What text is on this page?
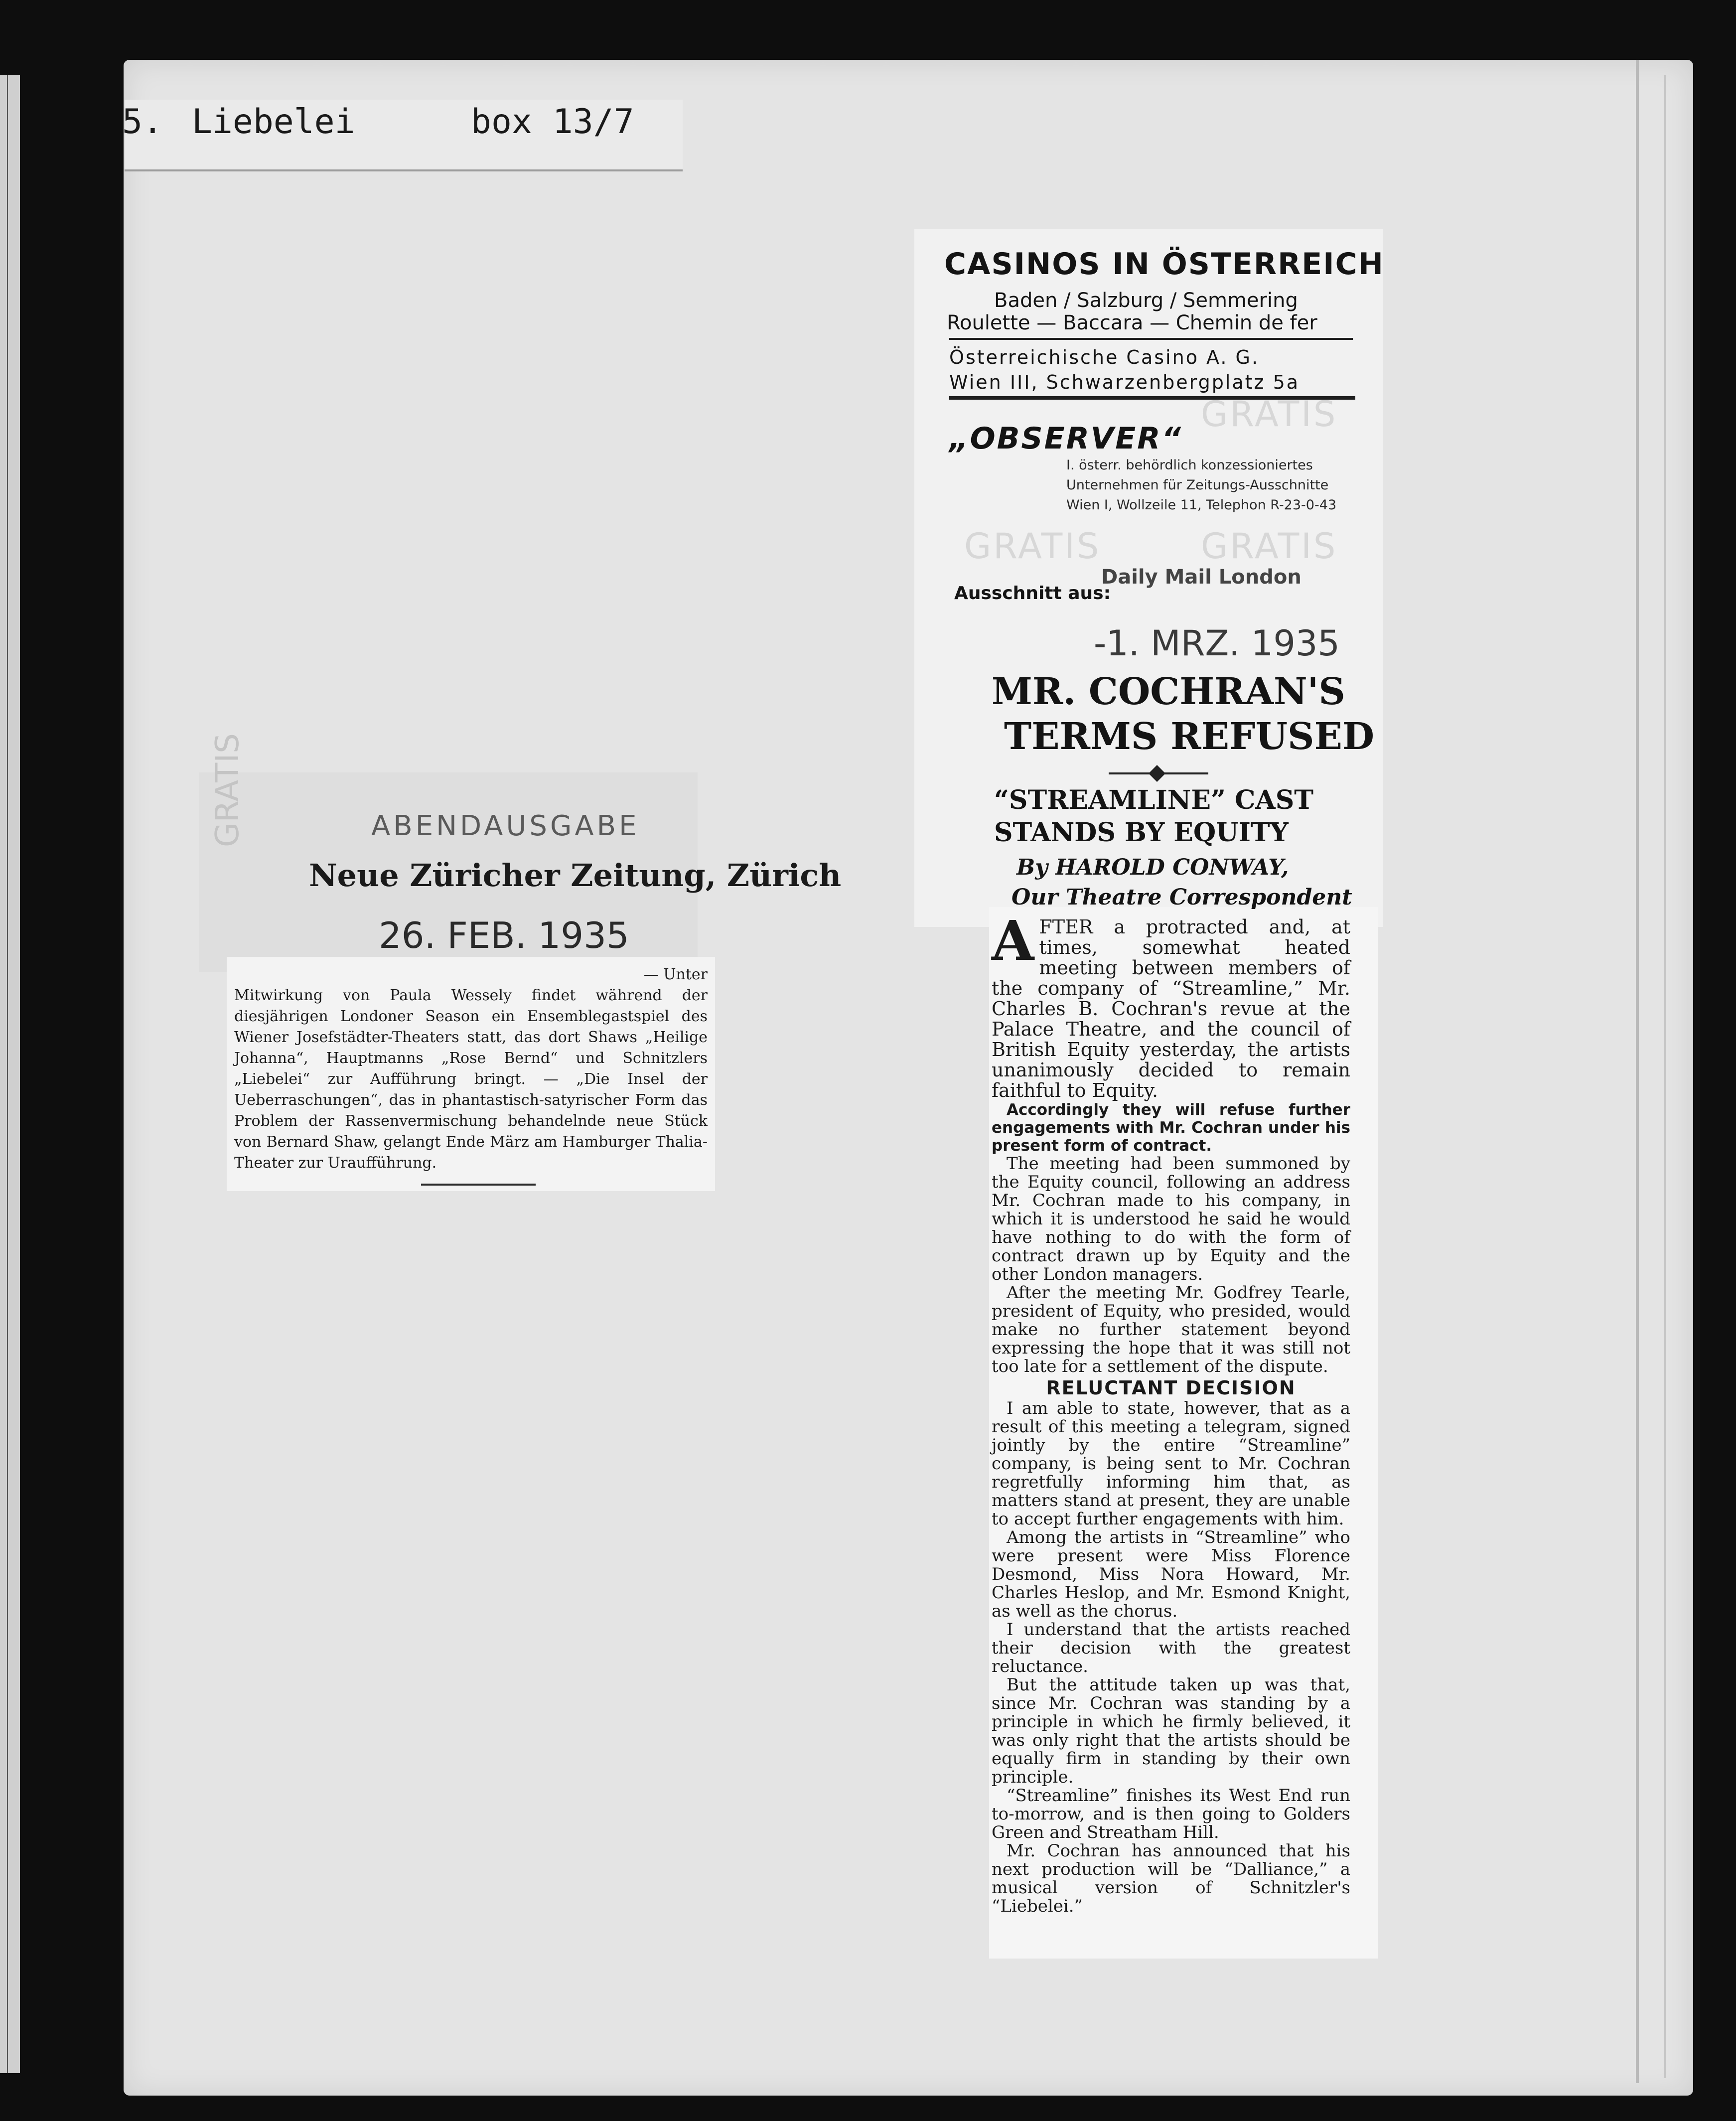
5. Liebelei	box 13/7
GRATIS	ABENDAUSGABE
Neue Züricher Zeitung, Zürich
26. FEB. 1935
— Unter
Mitwirkung von Paula Wessely findet während der diesjährigen Londoner Season ein Ensemblegastspiel des Wiener Josefstädter-Theaters statt, das dort Shaws „Heilige Johanna“, Hauptmanns „Rose Bernd“ und Schnitzlers „Liebelei“ zur Aufführung bringt. — „Die Insel der Ueberraschungen“, das in phantastisch-satyrischer Form das Problem der Rassenvermischung behandelnde neue Stück von Bernard Shaw, gelangt Ende März am Hamburger Thalia-Theater zur Uraufführung.
CASINOS IN ÖSTERREICH
Baden / Salzburg / Semmering
Roulette — Baccara — Chemin de fer
Österreichische Casino A. G.
Wien III, Schwarzenbergplatz 5a
GRATIS
„OBSERVER“
I. österr. behördlich konzessioniertes
Unternehmen für Zeitungs-Ausschnitte
Wien I, Wollzeile 11, Telephon R-23-0-43
GRATIS	GRATIS
Ausschnitt aus:
Daily Mail London
-1. MRZ. 1935
MR. COCHRAN'S
TERMS REFUSED
“STREAMLINE” CAST
STANDS BY EQUITY
By HAROLD CONWAY,
Our Theatre Correspondent

AFTER a protracted and, at times, somewhat heated meeting between members of the company of “Streamline,” Mr. Charles B. Cochran's revue at the Palace Theatre, and the council of British Equity yesterday, the artists unanimously decided to remain faithful to Equity.

Accordingly they will refuse further engagements with Mr. Cochran under his present form of contract.

The meeting had been summoned by the Equity council, following an address Mr. Cochran made to his company, in which it is understood he said he would have nothing to do with the form of contract drawn up by Equity and the other London managers.

After the meeting Mr. Godfrey Tearle, president of Equity, who presided, would make no further statement beyond expressing the hope that it was still not too late for a settlement of the dispute.

RELUCTANT DECISION

I am able to state, however, that as a result of this meeting a telegram, signed jointly by the entire “Streamline” company, is being sent to Mr. Cochran regretfully informing him that, as matters stand at present, they are unable to accept further engagements with him.

Among the artists in “Streamline” who were present were Miss Florence Desmond, Miss Nora Howard, Mr. Charles Heslop, and Mr. Esmond Knight, as well as the chorus.

I understand that the artists reached their decision with the greatest reluctance.

But the attitude taken up was that, since Mr. Cochran was standing by a principle in which he firmly believed, it was only right that the artists should be equally firm in standing by their own principle.

“Streamline” finishes its West End run to-morrow, and is then going to Golders Green and Streatham Hill.

Mr. Cochran has announced that his next production will be “Dalliance,” a musical version of Schnitzler's “Liebelei.”
